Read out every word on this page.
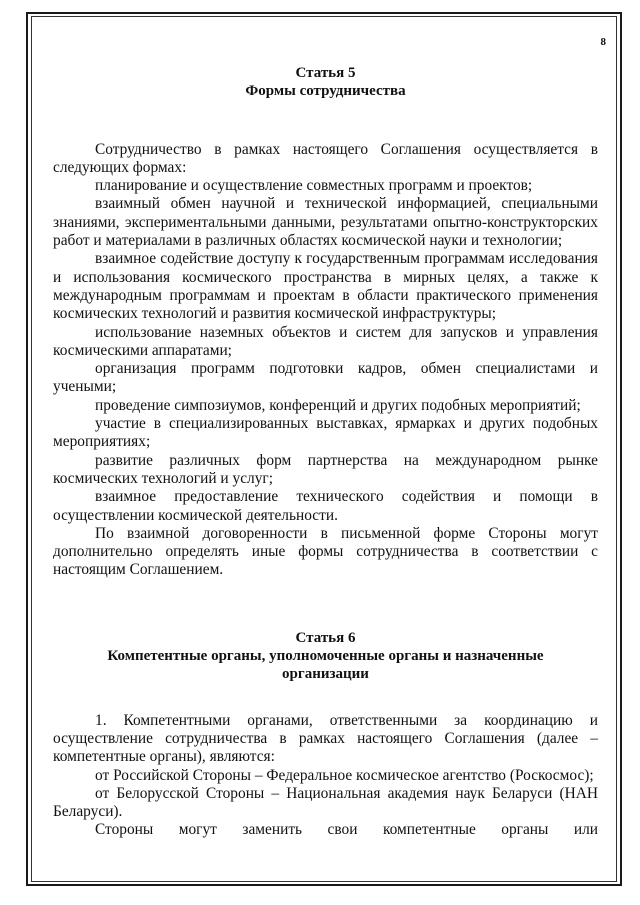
8
Статья 5
Формы сотрудничества

Сотрудничество в рамках настоящего Соглашения осуществляется в следующих формах:

планирование и осуществление совместных программ и проектов;

взаимный обмен научной и технической информацией, специальными знаниями, экспериментальными данными, результатами опытно-конструкторских работ и материалами в различных областях космической науки и технологии;

взаимное содействие доступу к государственным программам исследования и использования космического пространства в мирных целях, а также к международным программам и проектам в области практического применения космических технологий и развития космической инфраструктуры;

использование наземных объектов и систем для запусков и управления космическими аппаратами;

организация программ подготовки кадров, обмен специалистами и учеными;

проведение симпозиумов, конференций и других подобных мероприятий;

участие в специализированных выставках, ярмарках и других подобных мероприятиях;

развитие различных форм партнерства на международном рынке космических технологий и услуг;

взаимное предоставление технического содействия и помощи в осуществлении космической деятельности.

По взаимной договоренности в письменной форме Стороны могут дополнительно определять иные формы сотрудничества в соответствии с настоящим Соглашением.

Статья 6
Компетентные органы, уполномоченные органы и назначенные организации

1. Компетентными органами, ответственными за координацию и осуществление сотрудничества в рамках настоящего Соглашения (далее – компетентные органы), являются:

от Российской Стороны – Федеральное космическое агентство (Роскосмос);

от Белорусской Стороны – Национальная академия наук Беларуси (НАН Беларуси).

Стороны могут заменить свои компетентные органы или
